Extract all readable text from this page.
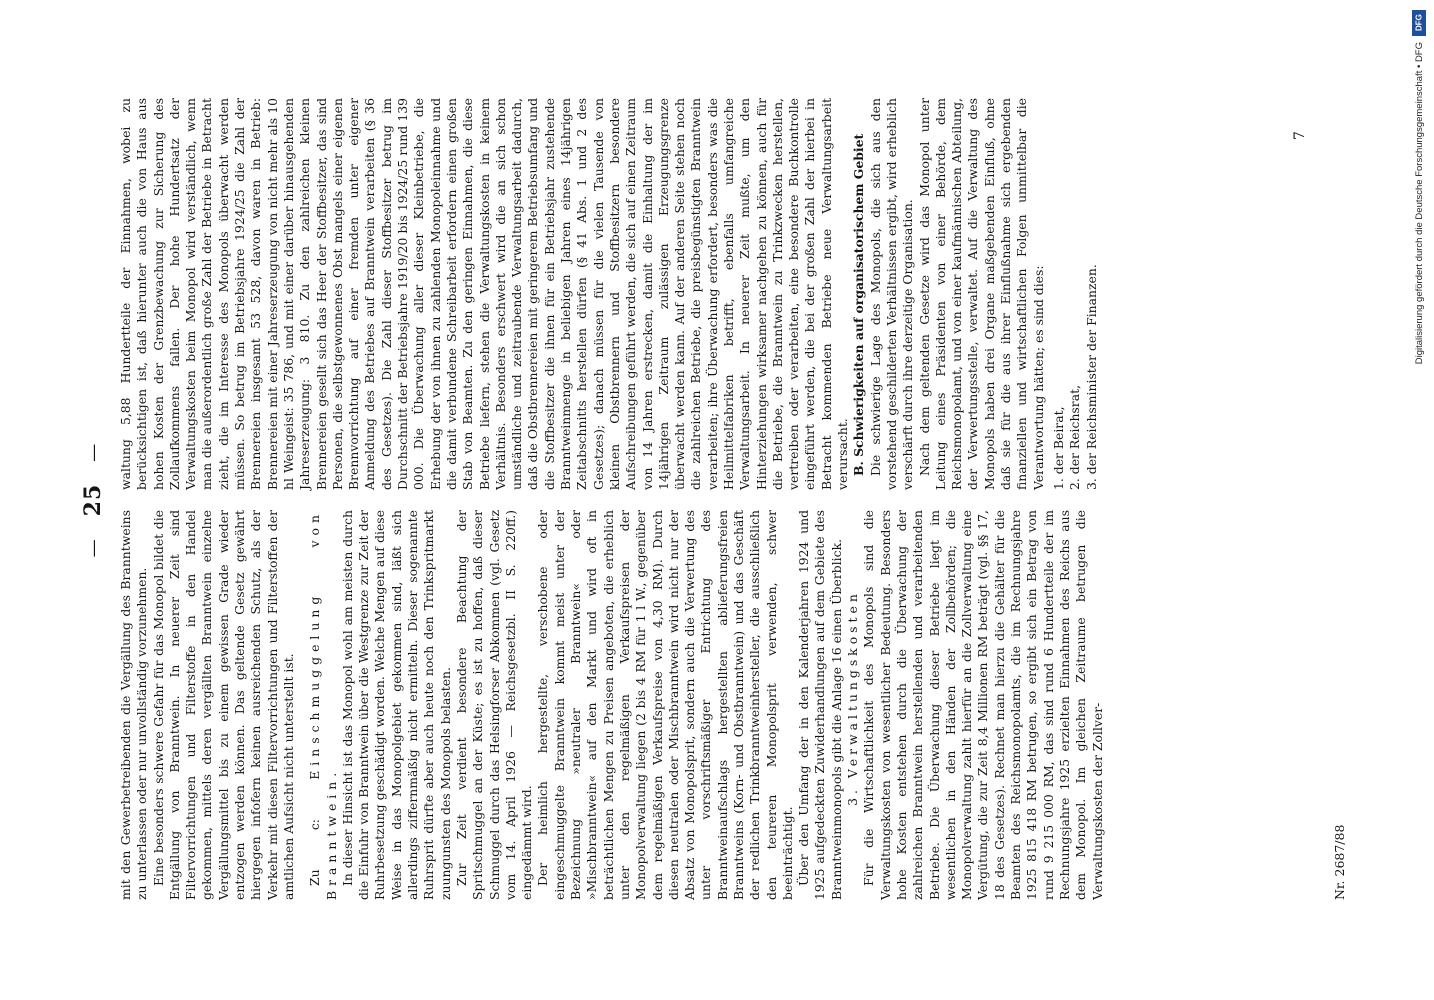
—
25
—

mit den Gewerbetreibenden die Vergällung des Branntweins zu unterlassen oder nur unvollständig vorzunehmen. Eine besonders schwere Gefahr für das Monopol bildet die Entgällung von Branntwein. In neuerer Zeit sind Filtervorrichtungen und Filterstoffe in den Handel gekommen, mittels deren vergällten Branntwein einzelne Vergällungsmittel bis zu einem gewissen Grade wieder entzogen werden können. Das geltende Gesetz gewährt hiergegen infofern keinen ausreichenden Schutz, als der Verkehr mit diesen Filtervorrichtungen und Filterstoffen der amtlichen Aufsicht nicht unterstellt ist. Zu c: Einschmuggelung von Branntwein. In dieser Hinsicht ist das Monopol wohl am meisten durch die Einfuhr von Branntwein über die Westgrenze zur Zeit der Ruhrbesetzung geschädigt worden. Welche Mengen auf diese Weise in das Monopolgebiet gekommen sind, läßt sich allerdings ziffernmäßig nicht ermitteln. Dieser sogenannte Ruhrsprit dürfte aber auch heute noch den Trinkspritmarkt zuungunsten des Monopols belasten. Zur Zeit verdient besondere Beachtung der Spritschmuggel an der Küste; es ist zu hoffen, daß dieser Schmuggel durch das Helsingforser Abkommen (vgl. Gesetz vom 14. April 1926 — Reichsgesetzbl. II S. 220ff.) eingedämmt wird. Der heimlich hergestellte, verschobene oder eingeschmuggelte Branntwein kommt meist unter der Bezeichnung »neutraler Branntwein« oder »Mischbranntwein« auf den Markt und wird oft in beträchtlichen Mengen zu Preisen angeboten, die erheblich unter den regelmäßigen Verkaufspreisen der Monopolverwaltung liegen (2 bis 4 RM für 1 l W., gegenüber dem regelmäßigen Verkaufspreise von 4,30 RM). Durch diesen neutralen oder Mischbranntwein wird nicht nur der Absatz von Monopolsprit, sondern auch die Verwertung des unter vorschriftsmäßiger Entrichtung des Branntweinaufschlags hergestellten ablieferungsfreien Branntweins (Korn- und Obstbranntwein) und das Geschäft der redlichen Trinkbranntweinhersteller, die ausschließlich den teureren Monopolsprit verwenden, schwer beeinträchtigt. Über den Umfang der in den Kalenderjahren 1924 und 1925 aufgedeckten Zuwiderhandlungen auf dem Gebiete des Branntweinmonopols gibt die Anlage 16 einen Überblick. 3. Verwaltungskosten Für die Wirtschaftlichkeit des Monopols sind die Verwaltungskosten von wesentlicher Bedeutung. Besonders hohe Kosten entstehen durch die Überwachung der zahlreichen Branntwein herstellenden und verarbeitenden Betriebe. Die Überwachung dieser Betriebe liegt im wesentlichen in den Händen der Zollbehörden; die Monopolverwaltung zahlt hierfür an die Zollverwaltung eine Vergütung, die zur Zeit 8,4 Millionen RM beträgt (vgl. §§ 17, 18 des Gesetzes). Rechnet man hierzu die Gehälter für die Beamten des Reichsmonopolamts, die im Rechnungsjahre 1925 815 418 RM betrugen, so ergibt sich ein Betrag von rund 9 215 000 RM, das sind rund 6 Hundertteile der im Rechnungsjahre 1925 erzielten Einnahmen des Reichs aus dem Monopol. Im gleichen Zeitraume betrugen die Verwaltungskosten der Zollver-

waltung 5,88 Hundertteile der Einnahmen, wobei zu berücksichtigen ist, daß hierunter auch die von Haus aus hohen Kosten der Grenzbewachung zur Sicherung des Zollaufkommens fallen. Der hohe Hundertsatz der Verwaltungskosten beim Monopol wird verständlich, wenn man die außerordentlich große Zahl der Betriebe in Betracht zieht, die im Interesse des Monopols überwacht werden müssen. So betrug im Betriebsjahre 1924/25 die Zahl der Brennereien insgesamt 53 528, davon waren in Betrieb: Brennereien mit einer Jahreserzeugung von nicht mehr als 10 hl Weingeist: 35 786, und mit einer darüber hinausgehenden Jahreserzeugung: 3 810. Zu den zahlreichen kleinen Brennereien gesellt sich das Heer der Stoffbesitzer, das sind Personen, die selbstgewonnenes Obst mangels einer eigenen Brennvorrichtung auf einer fremden unter eigener Anmeldung des Betriebes auf Branntwein verarbeiten (§ 36 des Gesetzes). Die Zahl dieser Stoffbesitzer betrug im Durchschnitt der Betriebsjahre 1919/20 bis 1924/25 rund 139 000. Die Überwachung aller dieser Kleinbetriebe, die Erhebung der von ihnen zu zahlenden Monopoleinnahme und die damit verbundene Schreibarbeit erfordern einen großen Stab von Beamten. Zu den geringen Einnahmen, die diese Betriebe liefern, stehen die Verwaltungskosten in keinem Verhältnis. Besonders erschwert wird die an sich schon umständliche und zeitraubende Verwaltungsarbeit dadurch, daß die Obstbrennereien mit geringerem Betriebsumfang und die Stoffbesitzer die ihnen für ein Betriebsjahr zustehende Branntweinmenge in beliebigen Jahren eines 14jährigen Zeitabschnitts herstellen dürfen (§ 41 Abs. 1 und 2 des Gesetzes); danach müssen für die vielen Tausende von kleinen Obstbrennern und Stoffbesitzern besondere Aufschreibungen geführt werden, die sich auf einen Zeitraum von 14 Jahren erstrecken, damit die Einhaltung der im 14jährigen Zeitraum zulässigen Erzeugungsgrenze überwacht werden kann. Auf der anderen Seite stehen noch die zahlreichen Betriebe, die preisbegünstigten Branntwein verarbeiten; ihre Überwachung erfordert, besonders was die Heilmittelfabriken betrifft, ebenfalls umfangreiche Verwaltungsarbeit. In neuerer Zeit mußte, um den Hinterziehungen wirksamer nachgehen zu können, auch für die Betriebe, die Branntwein zu Trinkzwecken herstellen, vertreiben oder verarbeiten, eine besondere Buchkontrolle eingeführt werden, die bei der großen Zahl der hierbei in Betracht kommenden Betriebe neue Verwaltungsarbeit verursacht. B. Schwierigkeiten auf organisatorischem Gebiet Die schwierige Lage des Monopols, die sich aus den vorstehend geschilderten Verhältnissen ergibt, wird erheblich verschärft durch ihre derzeitige Organisation. Nach dem geltenden Gesetze wird das Monopol unter Leitung eines Präsidenten von einer Behörde, dem Reichsmonopolamt, und von einer kaufmännischen Abteilung, der Verwertungsstelle, verwaltet. Auf die Verwaltung des Monopols haben drei Organe maßgebenden Einfluß, ohne daß sie für die aus ihrer Einflußnahme sich ergebenden finanziellen und wirtschaftlichen Folgen unmittelbar die Verantwortung hätten; es sind dies: 1. der Beirat, 2. der Reichsrat, 3. der Reichsminister der Finanzen.
Nr. 2687/88
7
DFG
Digitalisierung gefördert durch die Deutsche Forschungsgemeinschaft • DFG
